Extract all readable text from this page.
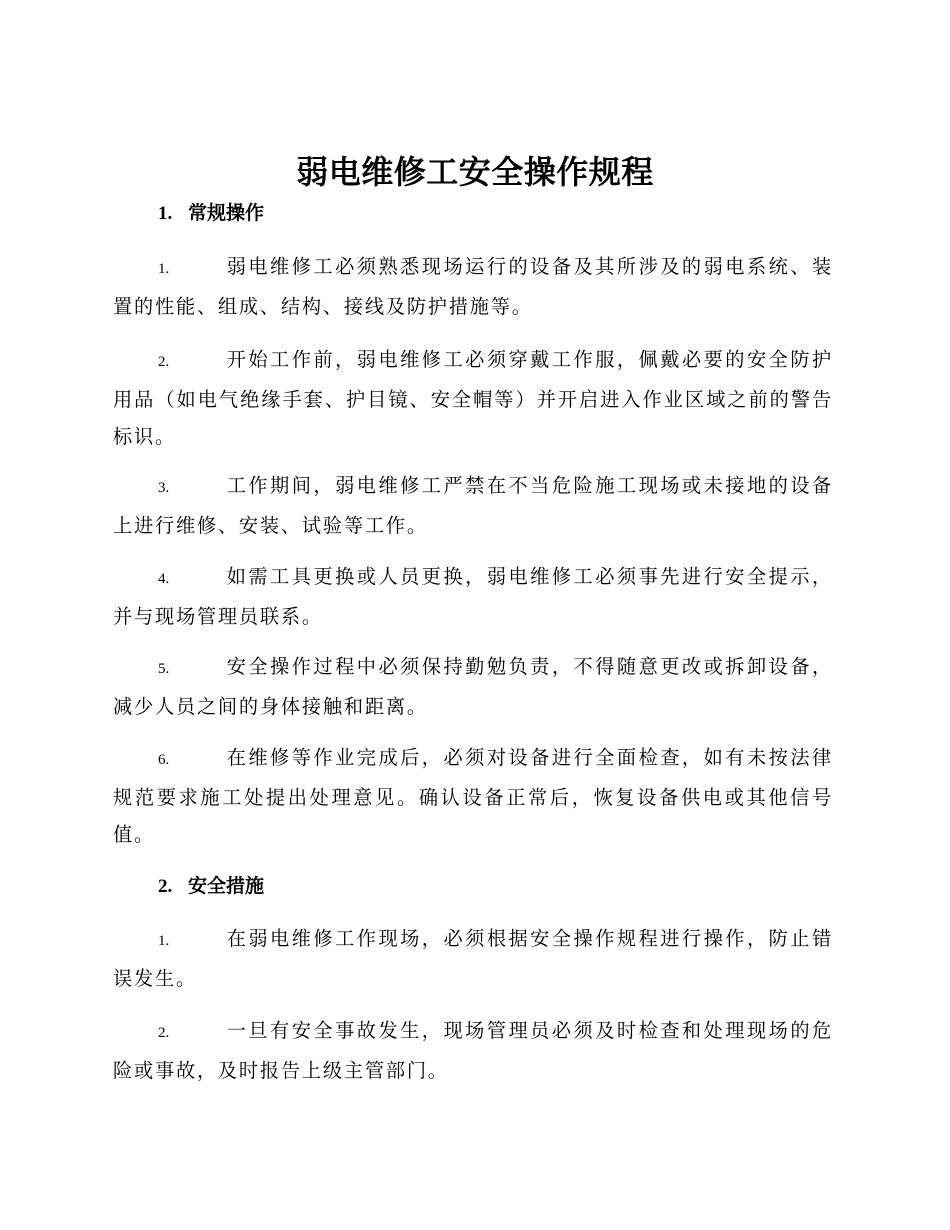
弱电维修工安全操作规程
1. 常规操作
1.	弱电维修工必须熟悉现场运行的设备及其所涉及的弱电系统、装置的性能、组成、结构、接线及防护措施等。
2.	开始工作前，弱电维修工必须穿戴工作服，佩戴必要的安全防护用品（如电气绝缘手套、护目镜、安全帽等）并开启进入作业区域之前的警告标识。
3.	工作期间，弱电维修工严禁在不当危险施工现场或未接地的设备上进行维修、安装、试验等工作。
4.	如需工具更换或人员更换，弱电维修工必须事先进行安全提示，并与现场管理员联系。
5.	安全操作过程中必须保持勤勉负责，不得随意更改或拆卸设备，减少人员之间的身体接触和距离。
6.	在维修等作业完成后，必须对设备进行全面检查，如有未按法律规范要求施工处提出处理意见。确认设备正常后，恢复设备供电或其他信号值。
2. 安全措施
1.	在弱电维修工作现场，必须根据安全操作规程进行操作，防止错误发生。
2.	一旦有安全事故发生，现场管理员必须及时检查和处理现场的危险或事故，及时报告上级主管部门。
